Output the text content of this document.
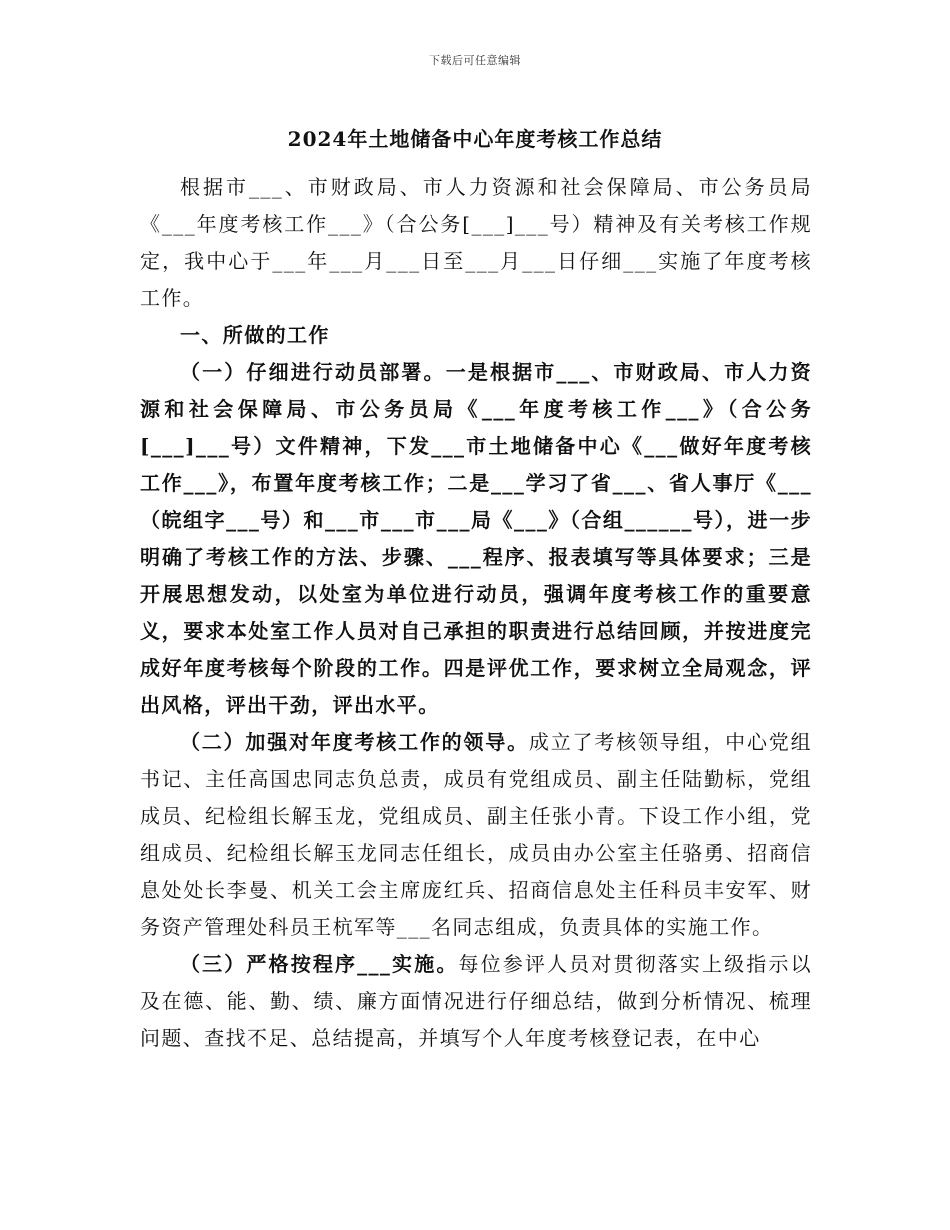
下载后可任意编辑
2024年土地储备中心年度考核工作总结

根据市___、市财政局、市人力资源和社会保障局、市公务员局《___年度考核工作___》（合公务[___]___号）精神及有关考核工作规定，我中心于___年___月___日至___月___日仔细___实施了年度考核工作。

一、所做的工作

（一）仔细进行动员部署。一是根据市___、市财政局、市人力资源和社会保障局、市公务员局《___年度考核工作___》（合公务[___]___号）文件精神，下发___市土地储备中心《___做好年度考核工作___》，布置年度考核工作；二是___学习了省___、省人事厅《___（皖组字___号）和___市___市___局《___》（合组______号），进一步明确了考核工作的方法、步骤、___程序、报表填写等具体要求；三是开展思想发动，以处室为单位进行动员，强调年度考核工作的重要意义，要求本处室工作人员对自己承担的职责进行总结回顾，并按进度完成好年度考核每个阶段的工作。四是评优工作，要求树立全局观念，评出风格，评出干劲，评出水平。

（二）加强对年度考核工作的领导。成立了考核领导组，中心党组书记、主任高国忠同志负总责，成员有党组成员、副主任陆勤标，党组成员、纪检组长解玉龙，党组成员、副主任张小青。下设工作小组，党组成员、纪检组长解玉龙同志任组长，成员由办公室主任骆勇、招商信息处处长李曼、机关工会主席庞红兵、招商信息处主任科员丰安军、财务资产管理处科员王杭军等___名同志组成，负责具体的实施工作。

（三）严格按程序___实施。每位参评人员对贯彻落实上级指示以及在德、能、勤、绩、廉方面情况进行仔细总结，做到分析情况、梳理问题、查找不足、总结提高，并填写个人年度考核登记表，在中心
